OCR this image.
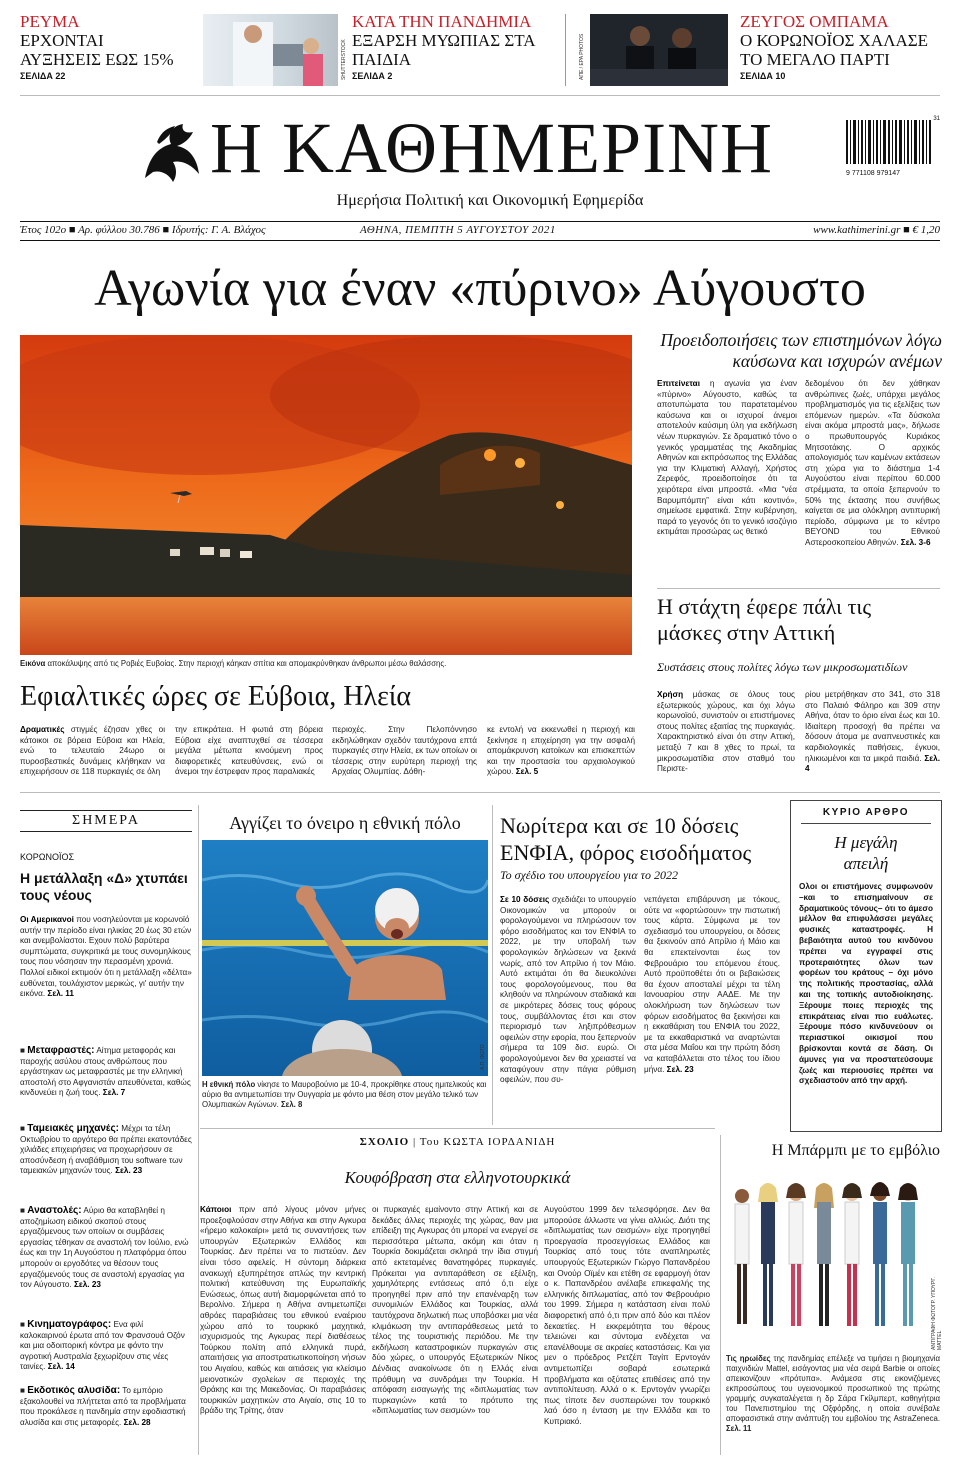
ΡΕΥΜΑ
ΕΡΧΟΝΤΑΙ ΑΥΞΗΣΕΙΣ ΕΩΣ 15%
ΣΕΛΙΔΑ 22	SHUTTERSTOCK
ΚΑΤΑ ΤΗΝ ΠΑΝΔΗΜΙΑ
ΕΞΑΡΣΗ ΜΥΩΠΙΑΣ ΣΤΑ ΠΑΙΔΙΑ
ΣΕΛΙΔΑ 2	ΑΠΕ / EPA PHOTOS
ΖΕΥΓΟΣ ΟΜΠΑΜΑ
Ο ΚΟΡΩΝΟΪΟΣ ΧΑΛΑΣΕ ΤΟ ΜΕΓΑΛΟ ΠΑΡΤΙ
ΣΕΛΙΔΑ 10
Η ΚΑΘΗΜΕΡΙΝΗ
Ημερήσια Πολιτική και Οικονομική Εφημερίδα
31
9 771108 979147
Έτος 102ο ■ Αρ. φύλλου 30.786 ■ Ιδρυτής: Γ. Α. Βλάχος	ΑΘΗΝΑ, ΠΕΜΠΤΗ 5 ΑΥΓΟΥΣΤΟΥ 2021	www.kathimerini.gr ■ € 1,20
Αγωνία για έναν «πύρινο» Αύγουστο
Εικόνα αποκάλυψης από τις Ροβιές Ευβοίας. Στην περιοχή κάηκαν σπίτια και απομακρύνθηκαν άνθρωποι μέσω θαλάσσης.
Προειδοποιήσεις των επιστημόνων λόγω καύσωνα και ισχυρών ανέμων
Επιτείνεται η αγωνία για έναν «πύρινο» Αύγουστο, καθώς τα αποτυπώματα του παρατεταμένου καύσωνα και οι ισχυροί άνεμοι αποτελούν καύσιμη ύλη για εκδήλωση νέων πυρκαγιών. Σε δραματικό τόνο ο γενικός γραμματέας της Ακαδημίας Αθηνών και εκπρόσωπος της Ελλάδας για την Κλιματική Αλλαγή, Χρήστος Ζερεφός, προειδοποίησε ότι τα χειρότερα είναι μπροστά. «Μια “νέα Βαρυμπόμπη” είναι κάτι κοντινό», σημείωσε εμφατικά. Στην κυβέρνηση, παρά το γεγονός ότι το γενικό ισοζύγιο εκτιμάται προσώρας ως θετικό
δεδομένου ότι δεν χάθηκαν ανθρώπινες ζωές, υπάρχει μεγάλος προβληματισμός για τις εξελίξεις των επόμενων ημερών. «Τα δύσκολα είναι ακόμα μπροστά μας», δήλωσε ο πρωθυπουργός Κυριάκος Μητσοτάκης. Ο αρχικός απολογισμός των καμένων εκτάσεων στη χώρα για το διάστημα 1-4 Αυγούστου είναι περίπου 60.000 στρέμματα, τα οποία ξεπερνούν το 50% της έκτασης που συνήθως καίγεται σε μια ολόκληρη αντιπυρική περίοδο, σύμφωνα με το κέντρο BEYOND του Εθνικού Αστεροσκοπείου Αθηνών. Σελ. 3-6
Η στάχτη έφερε πάλι τις μάσκες στην Αττική
Συστάσεις στους πολίτες λόγω των μικροσωματιδίων
Χρήση μάσκας σε όλους τους εξωτερικούς χώρους, και όχι λόγω κορωνοϊού, συνιστούν οι επιστήμονες στους πολίτες εξαιτίας της πυρκαγιάς. Χαρακτηριστικό είναι ότι στην Αττική, μεταξύ 7 και 8 χθες το πρωί, τα μικροσωματίδια στον σταθμό του Περιστε-
ρίου μετρήθηκαν στο 341, στο 318 στο Παλαιό Φάληρο και 309 στην Αθήνα, όταν το όριο είναι έως και 10. Ιδιαίτερη προσοχή θα πρέπει να δόσουν άτομα με αναπνευστικές και καρδιολογικές παθήσεις, έγκυοι, ηλικιωμένοι και τα μικρά παιδιά. Σελ. 4
Εφιαλτικές ώρες σε Εύβοια, Ηλεία
Δραματικές στιγμές έζησαν χθες οι κάτοικοι σε βόρεια Εύβοια και Ηλεία, ενώ το τελευταίο 24ωρο οι πυροσβεστικές δυνάμεις κλήθηκαν να επιχειρήσουν σε 118 πυρκαγιές σε όλη
την επικράτεια. Η φωτιά στη βόρεια Εύβοια είχε αναπτυχθεί σε τέσσερα μεγάλα μέτωπα κινούμενη προς διαφορετικές κατευθύνσεις, ενώ οι άνεμοι την έστρεφαν προς παραλιακές
περιοχές. Στην Πελοπόννησο εκδηλώθηκαν σχεδόν ταυτόχρονα επτά πυρκαγιές στην Ηλεία, εκ των οποίων οι τέσσερις στην ευρύτερη περιοχή της Αρχαίας Ολυμπίας. Δόθη-
κε εντολή να εκκενωθεί η περιοχή και ξεκίνησε η επιχείρηση για την ασφαλή απομάκρυνση κατοίκων και επισκεπτών και την προστασία του αρχαιολογικού χώρου. Σελ. 5
ΣΗΜΕΡΑ
ΚΟΡΩΝΟΪΟΣ
Η μετάλλαξη «Δ» χτυπάει τους νέους
Οι Αμερικανοί που νοσηλεύονται με κορωνοϊό αυτήν την περίοδο είναι ηλικίας 20 έως 30 ετών και ανεμβολίαστοι. Εχουν πολύ βαρύτερα συμπτώματα, συγκριτικά με τους συνομηλίκους τους που νόσησαν την περασμένη χρονιά. Πολλοί ειδικοί εκτιμούν ότι η μετάλλαξη «δέλτα» ευθύνεται, τουλάχιστον μερικώς, γι' αυτήν την εικόνα. Σελ. 11
■ Μεταφραστές: Αίτημα μεταφοράς και παροχής ασύλου στους ανθρώπους που εργάστηκαν ως μεταφραστές με την ελληνική αποστολή στο Αφγανιστάν απευθύνεται, καθώς κινδυνεύει η ζωή τους. Σελ. 7
■ Ταμειακές μηχανές: Μέχρι τα τέλη Οκτωβρίου το αργότερο θα πρέπει εκατοντάδες χιλιάδες επιχειρήσεις να προχωρήσουν σε αποσύνδεση ή αναβάθμιση του software των ταμειακών μηχανών τους. Σελ. 23
■ Αναστολές: Αύριο θα καταβληθεί η αποζημίωση ειδικού σκοπού στους εργαζόμενους των οποίων οι συμβάσεις εργασίας τέθηκαν σε αναστολή τον Ιούλιο, ενώ έως και την 1η Αυγούστου η πλατφόρμα όπου μπορούν οι εργοδότες να θέσουν τους εργαζόμενούς τους σε αναστολή εργασίας για τον Αύγουστο. Σελ. 23
■ Κινηματογράφος: Ενα φιλί καλοκαιρινού έρωτα από τον Φρανσουά Οζόν και μια οδοιπορική κόντρα με φόντο την αγροτική Αυστραλία ξεχωρίζουν στις νέες ταινίες. Σελ. 14
■ Εκδοτικός αλυσίδα: Το εμπόριο εξακολουθεί να πλήττεται από τα προβλήματα που προκάλεσε η πανδημία στην εφοδιαστική αλυσίδα και στις μεταφορές. Σελ. 28
Αγγίζει το όνειρο η εθνική πόλο
Α.Π. ΦΩΤΟ
Η εθνική πόλο νίκησε το Μαυροβούνιο με 10-4, προκρίθηκε στους ημιτελικούς και αύριο θα αντιμετωπίσει την Ουγγαρία με φόντο μια θέση στον μεγάλο τελικό των Ολυμπιακών Αγώνων. Σελ. 8
Νωρίτερα και σε 10 δόσεις ΕΝΦΙΑ, φόρος εισοδήματος
Το σχέδιο του υπουργείου για το 2022
Σε 10 δόσεις σχεδιάζει το υπουργείο Οικονομικών να μπορούν οι φορολογούμενοι να πληρώσουν τον φόρο εισοδήματος και τον ΕΝΦΙΑ το 2022, με την υποβολή των φορολογικών δηλώσεων να ξεκινά νωρίς, από τον Απρίλιο ή τον Μάιο. Αυτό εκτιμάται ότι θα διευκολύνει τους φορολογούμενους, που θα κληθούν να πληρώνουν σταδιακά και σε μικρότερες δόσεις τους φόρους τους, συμβάλλοντας έτσι και στον περιορισμό των ληξιπρόθεσμων οφειλών στην εφορία, που ξεπερνούν σήμερα τα 109 δισ. ευρώ. Οι φορολογούμενοι δεν θα χρειαστεί να καταφύγουν στην πάγια ρύθμιση οφειλών, που συ-
νεπάγεται επιβάρυνση με τόκους, ούτε να «φορτώσουν» την πιστωτική τους κάρτα. Σύμφωνα με τον σχεδιασμό του υπουργείου, οι δόσεις θα ξεκινούν από Απρίλιο ή Μάιο και θα επεκτείνονται έως τον Φεβρουάριο του επόμενου έτους. Αυτό προϋποθέτει ότι οι βεβαιώσεις θα έχουν αποσταλεί μέχρι τα τέλη Ιανουαρίου στην ΑΑΔΕ. Με την ολοκλήρωση των δηλώσεων των φόρων εισοδήματος θα ξεκινήσει και η εκκαθάριση του ΕΝΦΙΑ του 2022, με τα εκκαθαριστικά να αναρτώνται στα μέσα Μαΐου και την πρώτη δόση να καταβάλλεται στο τέλος του ίδιου μήνα. Σελ. 23
ΚΥΡΙΟ ΑΡΘΡΟ
Η μεγάλη απειλή
Ολοι οι επιστήμονες συμφωνούν –και το επισημαίνουν σε δραματικούς τόνους– ότι το άμεσο μέλλον θα επιφυλάσσει μεγάλες φυσικές καταστροφές. Η βεβαιότητα αυτού του κινδύνου πρέπει να εγγραφεί στις προτεραιότητες όλων των φορέων του κράτους – όχι μόνο της πολιτικής προστασίας, αλλά και της τοπικής αυτοδιοίκησης. Ξέρουμε ποιες περιοχές της επικράτειας είναι πιο ευάλωτες. Ξέρουμε πόσο κινδυνεύουν οι περιαστικοί οικισμοί που βρίσκονται κοντά σε δάση. Οι άμυνες για να προστατεύσουμε ζωές και περιουσίες πρέπει να σχεδιαστούν από την αρχή.
ΣΧΟΛΙΟ | Του ΚΩΣΤΑ ΙΟΡΔΑΝΙΔΗ
Κουφόβραση στα ελληνοτουρκικά
Κάποιοι πριν από λίγους μόνον μήνες προεξοφλούσαν στην Αθήνα και στην Αγκυρα «ήρεμο καλοκαίρι» μετά τις συναντήσεις των υπουργών Εξωτερικών Ελλάδος και Τουρκίας. Δεν πρέπει να το πιστεύαν. Δεν είναι τόσο αφελείς. Η σύντομη διάρκεια ανακωχή εξυπηρέτησε απλώς την κεντρική πολιτική κατεύθυνση της Ευρωπαϊκής Ενώσεως, όπως αυτή διαμορφώνεται από το Βερολίνο. Σήμερα η Αθήνα αντιμετωπίζει αθρόες παραβιάσεις του εθνικού εναέριου χώρου από το τουρκικό μαχητικά, ισχυρισμούς της Αγκυρας περί διαθέσεως Τούρκου πολίτη από ελληνικά πυρά, απαιτήσεις για αποστρατιωτικοποίηση νήσων του Αιγαίου, καθώς και αιτιάσεις για κλείσιμο μειονοτικών σχολείων σε περιοχές της Θράκης και της Μακεδονίας. Οι παραβιάσεις τουρκικών μαχητικών στο Αιγαίο, στις 10 το βράδυ της Τρίτης, όταν
οι πυρκαγιές εμαίνοντο στην Αττική και σε δεκάδες άλλες περιοχές της χώρας, θαν μια επίδειξη της Αγκυρας ότι μπορεί να ενεργεί σε περισσότερα μέτωπα, ακόμη και όταν η Τουρκία δοκιμάζεται σκληρά την ίδια στιγμή από εκτεταμένες θανατηφόρες πυρκαγιές. Πρόκειται για αντιπαράθεση σε εξέλιξη, χαμηλότερης εντάσεως από ό,τι είχε προηγηθεί πριν από την επανέναρξη των συνομιλιών Ελλάδος και Τουρκίας, αλλά ταυτόχρονα δηλωτική πως υποβόσκει μια νέα κλιμάκωση την αντιπαράθεσεως μετά το τέλος της τουριστικής περιόδου. Με την εκδήλωση καταστροφικών πυρκαγιών στις δύο χώρες, ο υπουργός Εξωτερικών Νίκος Δένδιας ανακοίνωσε ότι η Ελλάς είναι πρόθυμη να συνδράμει την Τουρκία. Η απόφαση εισαγωγής της «διπλωματίας των πυρκαγιών» κατά το πρότυπο της «διπλωματίας των σεισμών» του
Αυγούστου 1999 δεν τελεσφόρησε. Δεν θα μπορούσε άλλωστε να γίνει αλλιώς. Διότι της «διπλωματίας των σεισμών» είχε προηγηθεί προεργασία προσεγγίσεως Ελλάδος και Τουρκίας από τους τότε αναπληρωτές υπουργούς Εξωτερικών Γιώργο Παπανδρέου και Ονούρ Οϊμέν και ετέθη σε εφαρμογή όταν ο κ. Παπανδρέου ανέλαβε επικεφαλής της ελληνικής διπλωματίας, από τον Φεβρουάριο του 1999. Σήμερα η κατάσταση είναι πολύ διαφορετική από ό,τι πριν από δύο και πλέον δεκαετίες. Η εκκρεμότητα του θέρους τελειώνει και σύντομα ενδέχεται να επανέλθουμε σε ακραίες καταστάσεις. Και για μεν ο πρόεδρος Ρετζέπ Ταγίπ Ερντογάν αντιμετωπίζει σοβαρά εσωτερικά προβλήματα και οξύτατες επιθέσεις από την αντιπολίτευση. Αλλά ο κ. Ερντογάν γνωρίζει πως τίποτε δεν συσπειρώνει τον τουρκικό λαό όσο η ένταση με την Ελλάδα και το Κυπριακό.
Η Μπάρμπι με το εμβόλιο
ΑΝΤΙΓΡΑΦΗ ΦΩΤΟΓΡ. ΥΠΟΥΡΓ. MATTEL
Τις ηρωίδες της πανδημίας επέλεξε να τιμήσει η βιομηχανία παιχνιδιών Mattel, εισάγοντας μια νέα σειρά Barbie οι οποίες απεικονίζουν «πρότυπα». Ανάμεσα στις εικονιζόμενες εκπροσώπους του υγειονομικού προσωπικού της πρώτης γραμμής συγκαταλέγεται η δρ Σάρα Γκίλμπερτ, καθηγήτρια του Πανεπιστημίου της Οξφόρδης, η οποία συνέβαλε αποφασιστικά στην ανάπτυξη του εμβολίου της AstraZeneca. Σελ. 11
